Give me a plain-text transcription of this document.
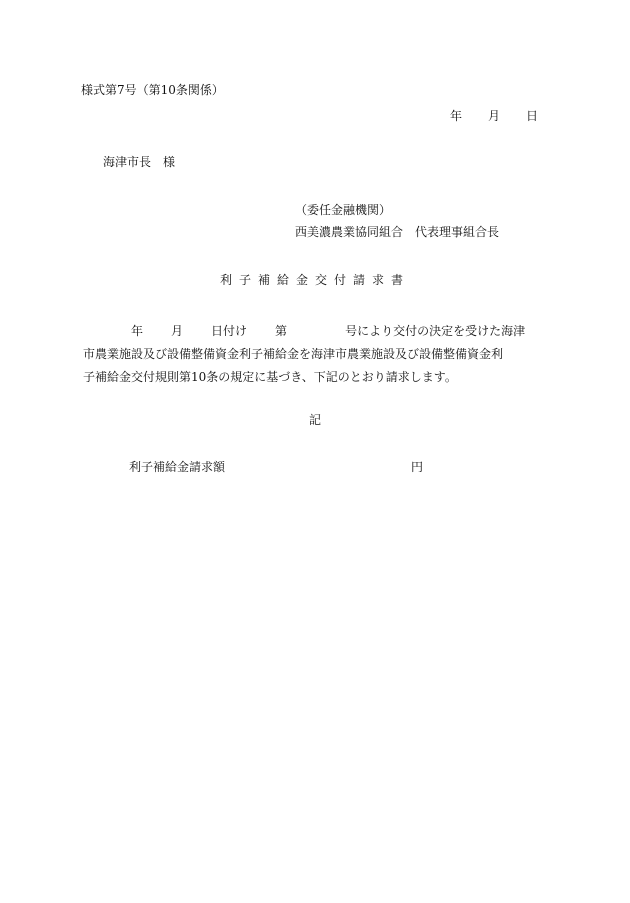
様式第7号（第10条関係）
年 月 日
海津市長　様
（委任金融機関）
西美濃農業協同組合　代表理事組合長
利子補給金交付請求書
年 月 日付け 第	号により交付の決定を受けた海津
市農業施設及び設備整備資金利子補給金を海津市農業施設及び設備整備資金利
子補給金交付規則第10条の規定に基づき、下記のとおり請求します。
記
利子補給金請求額	円
